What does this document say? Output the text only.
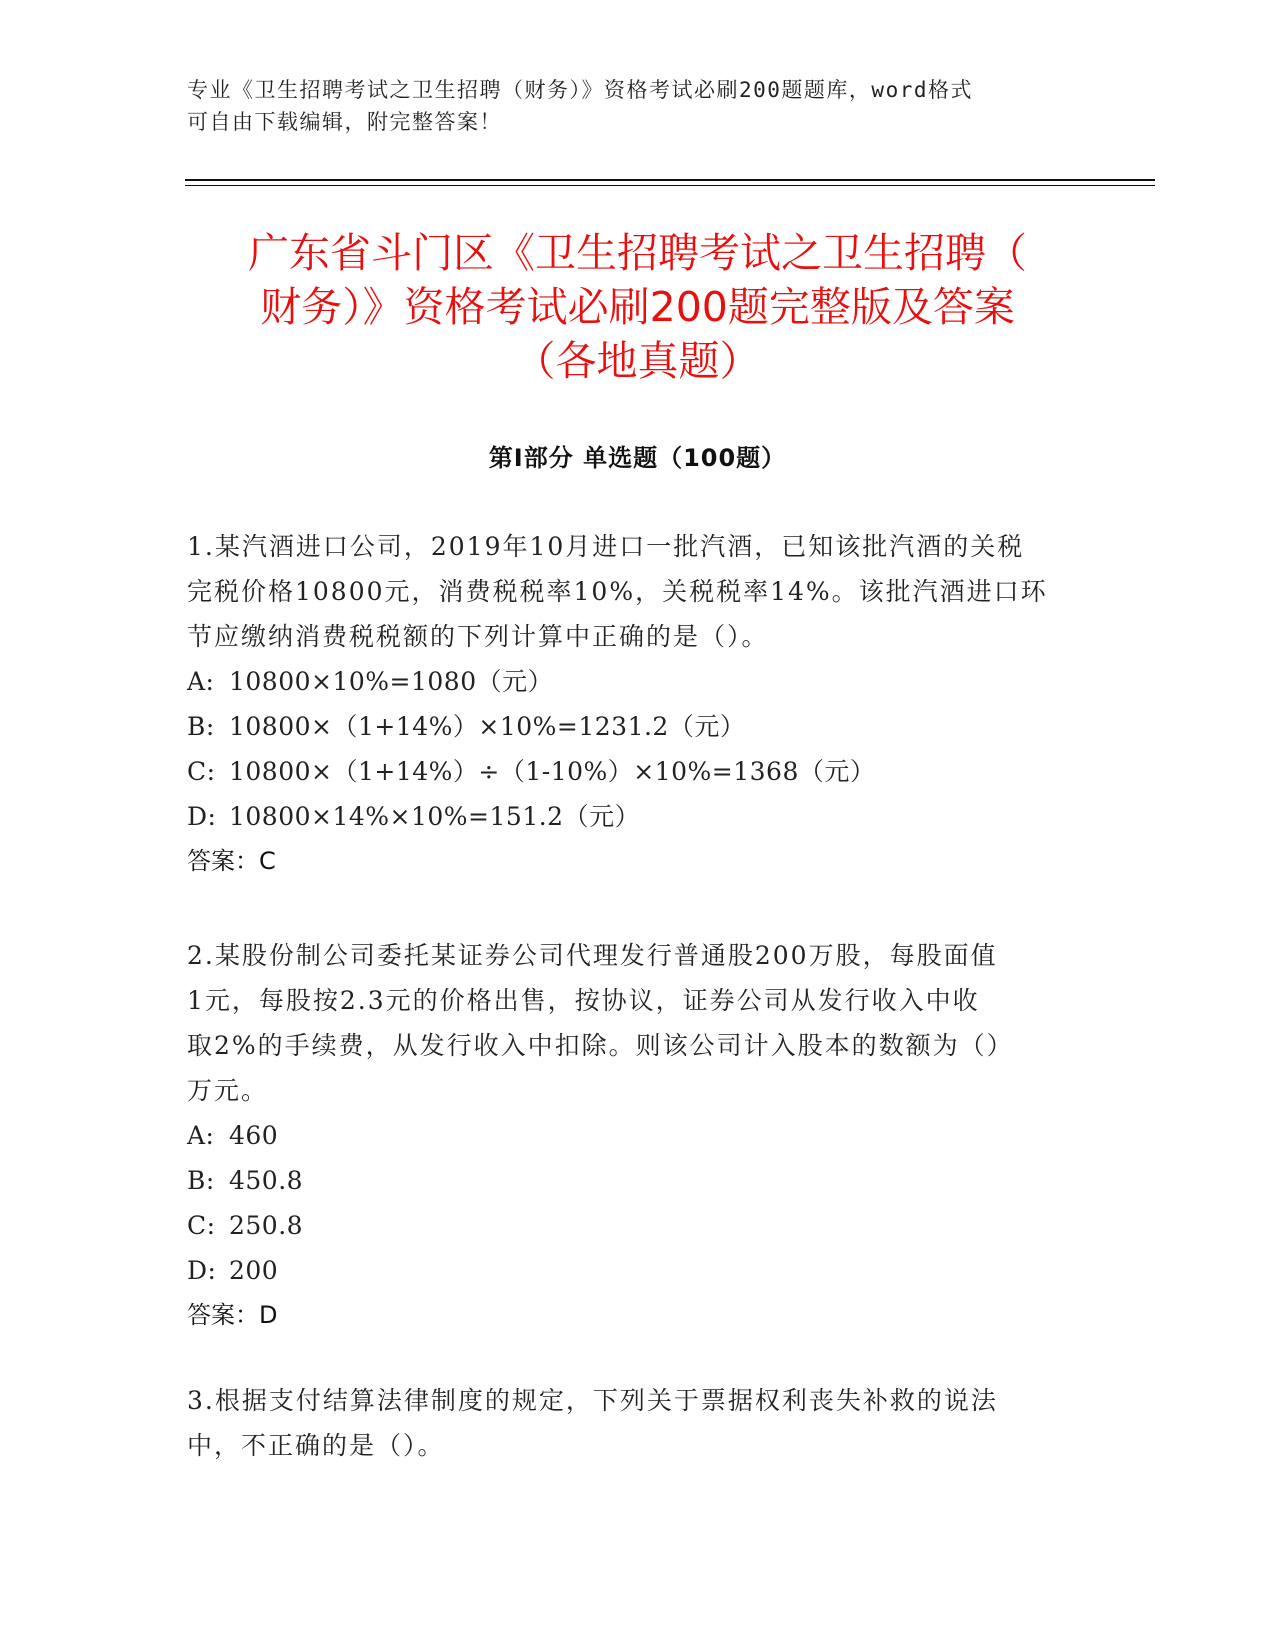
专业《卫生招聘考试之卫生招聘（财务）》资格考试必刷200题题库，word格式
可自由下载编辑，附完整答案！
广东省斗门区《卫生招聘考试之卫生招聘（
财务）》资格考试必刷200题完整版及答案
（各地真题）
第Ⅰ部分 单选题（100题）

1.某汽酒进口公司，2019年10月进口一批汽酒，已知该批汽酒的关税

完税价格10800元，消费税税率10%，关税税率14%。该批汽酒进口环

节应缴纳消费税税额的下列计算中正确的是（）。

A: 10800×10%=1080（元）

B: 10800×（1+14%）×10%=1231.2（元）

C: 10800×（1+14%）÷（1-10%）×10%=1368（元）

D: 10800×14%×10%=151.2（元）

答案：C

2.某股份制公司委托某证券公司代理发行普通股200万股，每股面值

1元，每股按2.3元的价格出售，按协议，证券公司从发行收入中收

取2%的手续费，从发行收入中扣除。则该公司计入股本的数额为（）

万元。

A: 460

B: 450.8

C: 250.8

D: 200

答案：D

3.根据支付结算法律制度的规定，下列关于票据权利丧失补救的说法

中，不正确的是（）。
